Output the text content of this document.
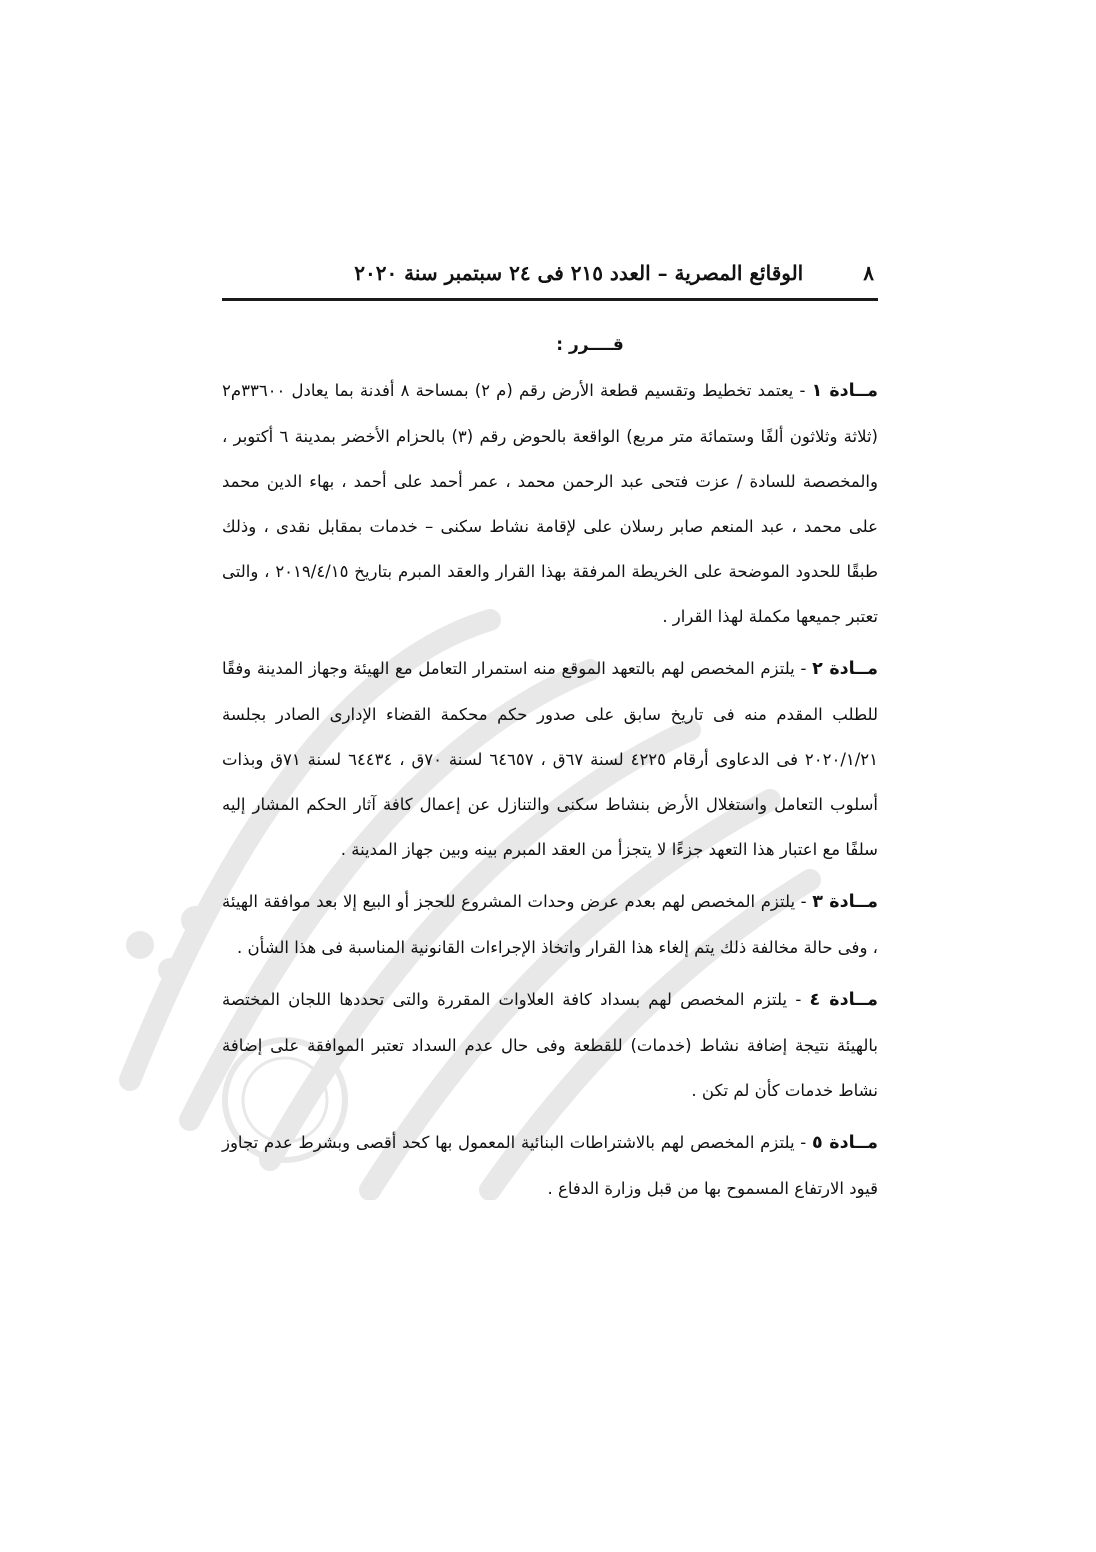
٨
الوقائع المصرية – العدد ٢١٥ فى ٢٤ سبتمبر سنة ٢٠٢٠
قــــرر :

مــادة ١ - يعتمد تخطيط وتقسيم قطعة الأرض رقم (م ٢) بمساحة ٨ أفدنة بما يعادل ٣٣٦٠٠م٢ (ثلاثة وثلاثون ألفًا وستمائة متر مربع) الواقعة بالحوض رقم (٣) بالحزام الأخضر بمدينة ٦ أكتوبر ، والمخصصة للسادة / عزت فتحى عبد الرحمن محمد ، عمر أحمد على أحمد ، بهاء الدين محمد على محمد ، عبد المنعم صابر رسلان على لإقامة نشاط سكنى – خدمات بمقابل نقدى ، وذلك طبقًا للحدود الموضحة على الخريطة المرفقة بهذا القرار والعقد المبرم بتاريخ ٢٠١٩/٤/١٥ ، والتى تعتبر جميعها مكملة لهذا القرار .

مــادة ٢ - يلتزم المخصص لهم بالتعهد الموقع منه استمرار التعامل مع الهيئة وجهاز المدينة وفقًا للطلب المقدم منه فى تاريخ سابق على صدور حكم محكمة القضاء الإدارى الصادر بجلسة ٢٠٢٠/١/٢١ فى الدعاوى أرقام ٤٢٢٥ لسنة ٦٧ق ، ٦٤٦٥٧ لسنة ٧٠ق ، ٦٤٤٣٤ لسنة ٧١ق وبذات أسلوب التعامل واستغلال الأرض بنشاط سكنى والتنازل عن إعمال كافة آثار الحكم المشار إليه سلفًا مع اعتبار هذا التعهد جزءًا لا يتجزأ من العقد المبرم بينه وبين جهاز المدينة .

مــادة ٣ - يلتزم المخصص لهم بعدم عرض وحدات المشروع للحجز أو البيع إلا بعد موافقة الهيئة ، وفى حالة مخالفة ذلك يتم إلغاء هذا القرار واتخاذ الإجراءات القانونية المناسبة فى هذا الشأن .

مــادة ٤ - يلتزم المخصص لهم بسداد كافة العلاوات المقررة والتى تحددها اللجان المختصة بالهيئة نتيجة إضافة نشاط (خدمات) للقطعة وفى حال عدم السداد تعتبر الموافقة على إضافة نشاط خدمات كأن لم تكن .

مــادة ٥ - يلتزم المخصص لهم بالاشتراطات البنائية المعمول بها كحد أقصى وبشرط عدم تجاوز قيود الارتفاع المسموح بها من قبل وزارة الدفاع .
